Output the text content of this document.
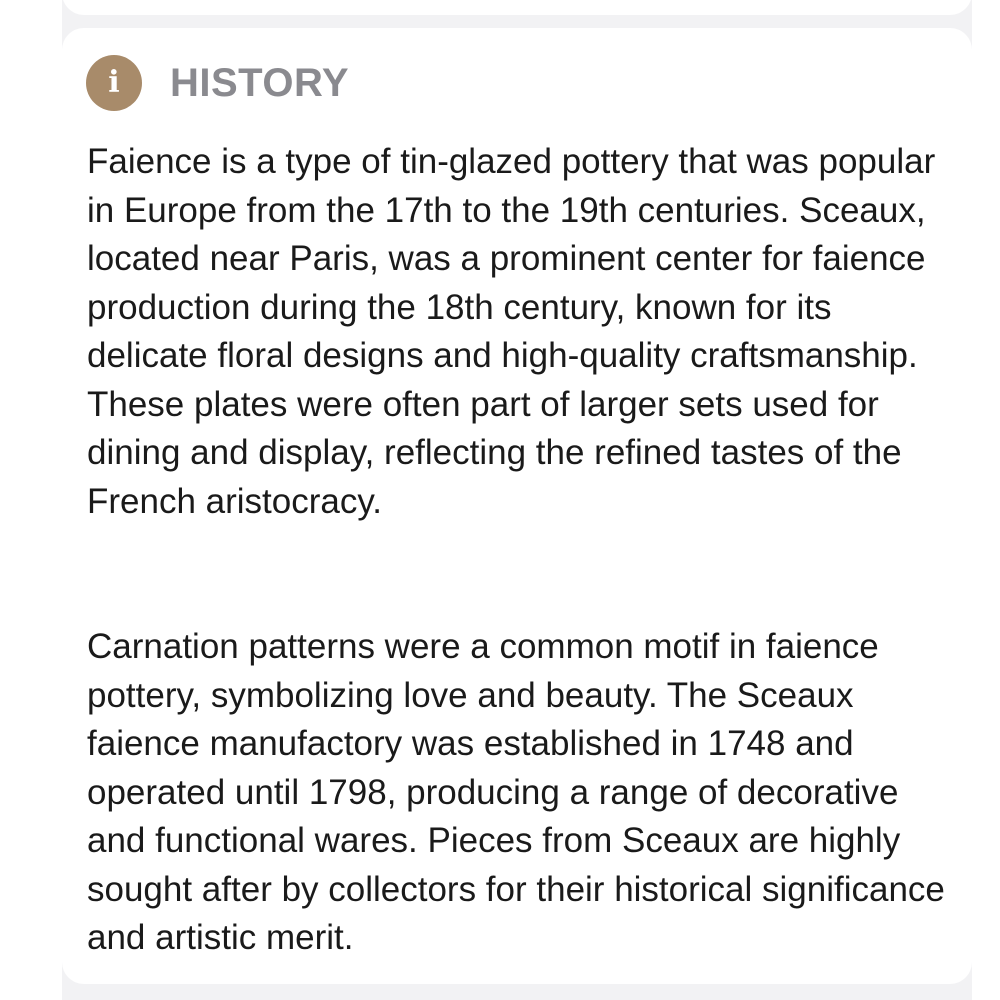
i HISTORY

Faience is a type of tin-glazed pottery that was popular in Europe from the 17th to the 19th centuries. Sceaux, located near Paris, was a prominent center for faience production during the 18th century, known for its delicate floral designs and high-quality craftsmanship. These plates were often part of larger sets used for dining and display, reflecting the refined tastes of the French aristocracy.

Carnation patterns were a common motif in faience pottery, symbolizing love and beauty. The Sceaux faience manufactory was established in 1748 and operated until 1798, producing a range of decorative and functional wares. Pieces from Sceaux are highly sought after by collectors for their historical significance and artistic merit.
